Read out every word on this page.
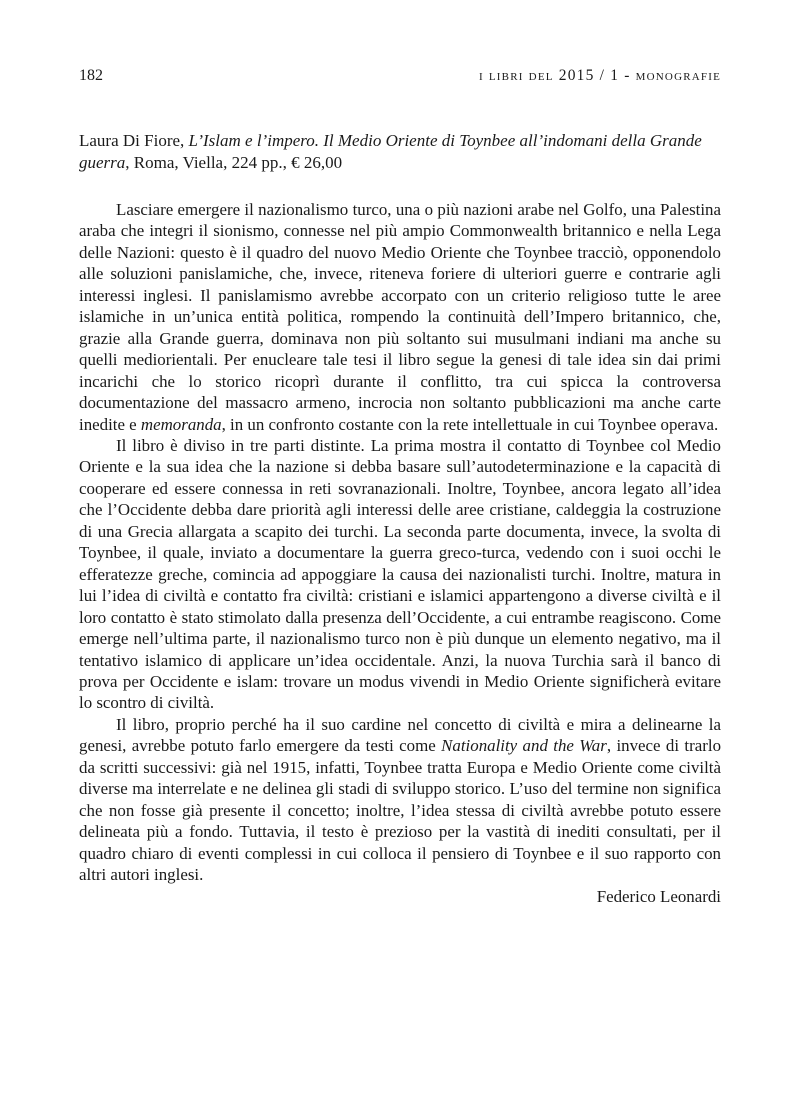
182	i libri del 2015 / 1 - monografie
Laura Di Fiore, L’Islam e l’impero. Il Medio Oriente di Toynbee all’indomani della Grande guerra, Roma, Viella, 224 pp., € 26,00

Lasciare emergere il nazionalismo turco, una o più nazioni arabe nel Golfo, una Palestina araba che integri il sionismo, connesse nel più ampio Commonwealth britannico e nella Lega delle Nazioni: questo è il quadro del nuovo Medio Oriente che Toynbee tracciò, opponendolo alle soluzioni panislamiche, che, invece, riteneva foriere di ulteriori guerre e contrarie agli interessi inglesi. Il panislamismo avrebbe accorpato con un criterio religioso tutte le aree islamiche in un’unica entità politica, rompendo la continuità dell’Impero britannico, che, grazie alla Grande guerra, dominava non più soltanto sui musulmani indiani ma anche su quelli mediorientali. Per enucleare tale tesi il libro segue la genesi di tale idea sin dai primi incarichi che lo storico ricoprì durante il conflitto, tra cui spicca la controversa documentazione del massacro armeno, incrocia non soltanto pubblicazioni ma anche carte inedite e memoranda, in un confronto costante con la rete intellettuale in cui Toynbee operava.

Il libro è diviso in tre parti distinte. La prima mostra il contatto di Toynbee col Medio Oriente e la sua idea che la nazione si debba basare sull’autodeterminazione e la capacità di cooperare ed essere connessa in reti sovranazionali. Inoltre, Toynbee, ancora legato all’idea che l’Occidente debba dare priorità agli interessi delle aree cristiane, caldeggia la costruzione di una Grecia allargata a scapito dei turchi. La seconda parte documenta, invece, la svolta di Toynbee, il quale, inviato a documentare la guerra greco-turca, vedendo con i suoi occhi le efferatezze greche, comincia ad appoggiare la causa dei nazionalisti turchi. Inoltre, matura in lui l’idea di civiltà e contatto fra civiltà: cristiani e islamici appartengono a diverse civiltà e il loro contatto è stato stimolato dalla presenza dell’Occidente, a cui entrambe reagiscono. Come emerge nell’ultima parte, il nazionalismo turco non è più dunque un elemento negativo, ma il tentativo islamico di applicare un’idea occidentale. Anzi, la nuova Turchia sarà il banco di prova per Occidente e islam: trovare un modus vivendi in Medio Oriente significherà evitare lo scontro di civiltà.

Il libro, proprio perché ha il suo cardine nel concetto di civiltà e mira a delinearne la genesi, avrebbe potuto farlo emergere da testi come Nationality and the War, invece di trarlo da scritti successivi: già nel 1915, infatti, Toynbee tratta Europa e Medio Oriente come civiltà diverse ma interrelate e ne delinea gli stadi di sviluppo storico. L’uso del termine non significa che non fosse già presente il concetto; inoltre, l’idea stessa di civiltà avrebbe potuto essere delineata più a fondo. Tuttavia, il testo è prezioso per la vastità di inediti consultati, per il quadro chiaro di eventi complessi in cui colloca il pensiero di Toynbee e il suo rapporto con altri autori inglesi.

Federico Leonardi
